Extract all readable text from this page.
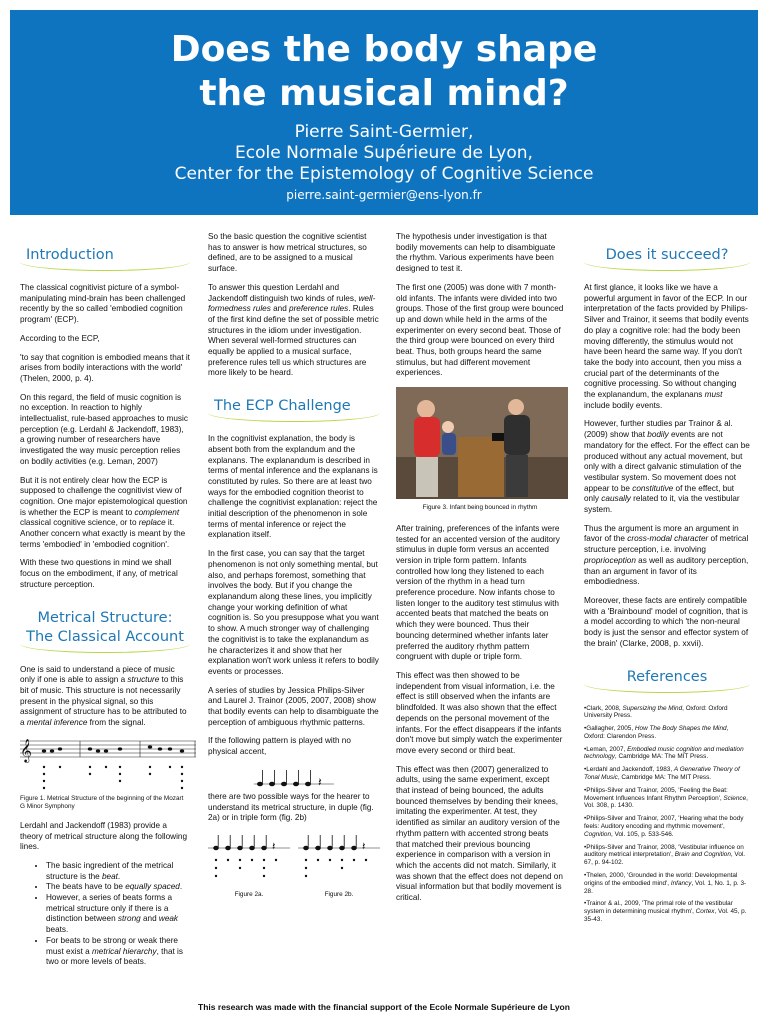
Does the body shape
the musical mind?
Pierre Saint-Germier,
Ecole Normale Supérieure de Lyon,
Center for the Epistemology of Cognitive Science
pierre.saint-germier@ens-lyon.fr
Introduction

The classical cognitivist picture of a symbol-manipulating mind-brain has been challenged recently by the so called 'embodied cognition program' (ECP).

According to the ECP,

'to say that cognition is embodied means that it arises from bodily interactions with the world' (Thelen, 2000, p. 4).

On this regard, the field of music cognition is no exception. In reaction to highly intellectualist, rule-based approaches to music perception (e.g. Lerdahl & Jackendoff, 1983), a growing number of researchers have investigated the way music perception relies on bodily activities (e.g. Leman, 2007)

But it is not entirely clear how the ECP is supposed to challenge the cognitivist view of cognition. One major epistemological question is whether the ECP is meant to complement classical cognitive science, or to replace it. Another concern what exactly is meant by the terms 'embodied' in 'embodied cognition'.

With these two questions in mind we shall focus on the embodiment, if any, of metrical structure perception.

Metrical Structure:
The Classical Account

One is said to understand a piece of music only if one is able to assign a structure to this bit of music. This structure is not necessarily present in the physical signal, so this assignment of structure has to be attributed to a mental inference from the signal.

𝄞
Figure 1. Metrical Structure of the beginning of the Mozart G Minor Symphony

Lerdahl and Jackendoff (1983) provide a theory of metrical structure along the following lines.

• The basic ingredient of the metrical structure is the beat.
• The beats have to be equally spaced.
• However, a series of beats forms a metrical structure only if there is a distinction between strong and weak beats.
• For beats to be strong or weak there must exist a metrical hierarchy, that is two or more levels of beats.

So the basic question the cognitive scientist has to answer is how metrical structures, so defined, are to be assigned to a musical surface.

To answer this question Lerdahl and Jackendoff distinguish two kinds of rules, well-formedness rules and preference rules. Rules of the first kind define the set of possible metric structures in the idiom under investigation. When several well-formed structures can equally be applied to a musical surface, preference rules tell us which structures are more likely to be heard.

The ECP Challenge

In the cognitivist explanation, the body is absent both from the explandum and the explanans. The explanandum is described in terms of mental inference and the explanans is constituted by rules. So there are at least two ways for the embodied cognition theorist to challenge the cognitivist explanation: reject the initial description of the phenomenon in sole terms of mental inference or reject the explanation itself.

In the first case, you can say that the target phenomenon is not only something mental, but also, and perhaps foremost, something that involves the body. But if you change the explanandum along these lines, you implicitly change your working definition of what cognition is. So you presuppose what you want to show. A much stronger way of challenging the cognitivist is to take the explanandum as he characterizes it and show that her explanation won't work unless it refers to bodily events or processes.

A series of studies by Jessica Philips-Silver and Laurel J. Trainor (2005, 2007, 2008) show that bodily events can help to disambiguate the perception of ambiguous rhythmic patterns.

If the following pattern is played with no physical accent,

𝄽

there are two possible ways for the hearer to understand its metrical structure, in duple (fig. 2a) or in triple form (fig. 2b)

𝄽
Figure 2a.
𝄽
Figure 2b.

The hypothesis under investigation is that bodily movements can help to disambiguate the rhythm. Various experiments have been designed to test it.

The first one (2005) was done with 7 month-old infants. The infants were divided into two groups. Those of the first group were bounced up and down while held in the arms of the experimenter on every second beat. Those of the third group were bounced on every third beat. Thus, both groups heard the same stimulus, but had different movement experiences.

Figure 3. Infant being bounced in rhythm

After training, preferences of the infants were tested for an accented version of the auditory stimulus in duple form versus an accented version in triple form pattern. Infants controlled how long they listened to each version of the rhythm in a head turn preference procedure. Now infants chose to listen longer to the auditory test stimulus with accented beats that matched the beats on which they were bounced. Thus their bouncing determined whether infants later preferred the auditory rhythm pattern congruent with duple or triple form.

This effect was then showed to be independent from visual information, i.e. the effect is still observed when the infants are blindfolded. It was also shown that the effect depends on the personal movement of the infants. For the effect disappears if the infants don't move but simply watch the experimenter move every second or third beat.

This effect was then (2007) generalized to adults, using the same experiment, except that instead of being bounced, the adults bounced themselves by bending their knees, imitating the experimenter. At test, they identified as similar an auditory version of the rhythm pattern with accented strong beats that matched their previous bouncing experience in comparison with a version in which the accents did not match. Similarly, it was shown that the effect does not depend on visual information but that bodily movement is critical.

Does it succeed?

At first glance, it looks like we have a powerful argument in favor of the ECP. In our interpretation of the facts provided by Philips-Silver and Trainor, it seems that bodily events do play a cognitive role: had the body been moving differently, the stimulus would not have been heard the same way. If you don't take the body into account, then you miss a crucial part of the determinants of the cognitive processing. So without changing the explanandum, the explanans must include bodily events.

However, further studies par Trainor & al. (2009) show that bodily events are not mandatory for the effect. For the effect can be produced without any actual movement, but only with a direct galvanic stimulation of the vestibular system. So movement does not appear to be constitutive of the effect, but only causally related to it, via the vestibular system.

Thus the argument is more an argument in favor of the cross-modal character of metrical structure perception, i.e. involving proprioception as well as auditory perception, than an argument in favor of its embodiedness.

Moreover, these facts are entirely compatible with a 'Brainbound' model of cognition, that is a model according to which 'the non-neural body is just the sensor and effector system of the brain' (Clarke, 2008, p. xxvii).

References

•Clark, 2008, Supersizing the Mind, Oxford: Oxford University Press.

•Gallagher, 2005, How The Body Shapes the Mind, Oxford: Clarendon Press.

•Leman, 2007, Embodied music cognition and mediation technology, Cambridge MA: The MIT Press.

•Lerdahl and Jackendoff, 1983, A Generative Theory of Tonal Music, Cambridge MA: The MIT Press.

•Philips-Silver and Trainor, 2005, 'Feeling the Beat: Movement Influences Infant Rhythm Perception', Science, Vol. 308, p. 1430.

•Philips-Silver and Trainor, 2007, 'Hearing what the body feels: Auditory encoding and rhythmic movement', Cognition, Vol. 105, p. 533-546.

•Philips-Silver and Trainor, 2008, 'Vestibular influence on auditory metrical interpretation', Brain and Cognition, Vol. 67, p. 94-102.

•Thelen, 2000, 'Grounded in the world: Developmental origins of the embodied mind', Infancy, Vol. 1, No. 1, p. 3-28.

•Trainor & al., 2009, 'The primal role of the vestibular system in determining musical rhythm', Cortex, Vol. 45, p. 35-43.

This research was made with the financial support of the Ecole Normale Supérieure de Lyon
